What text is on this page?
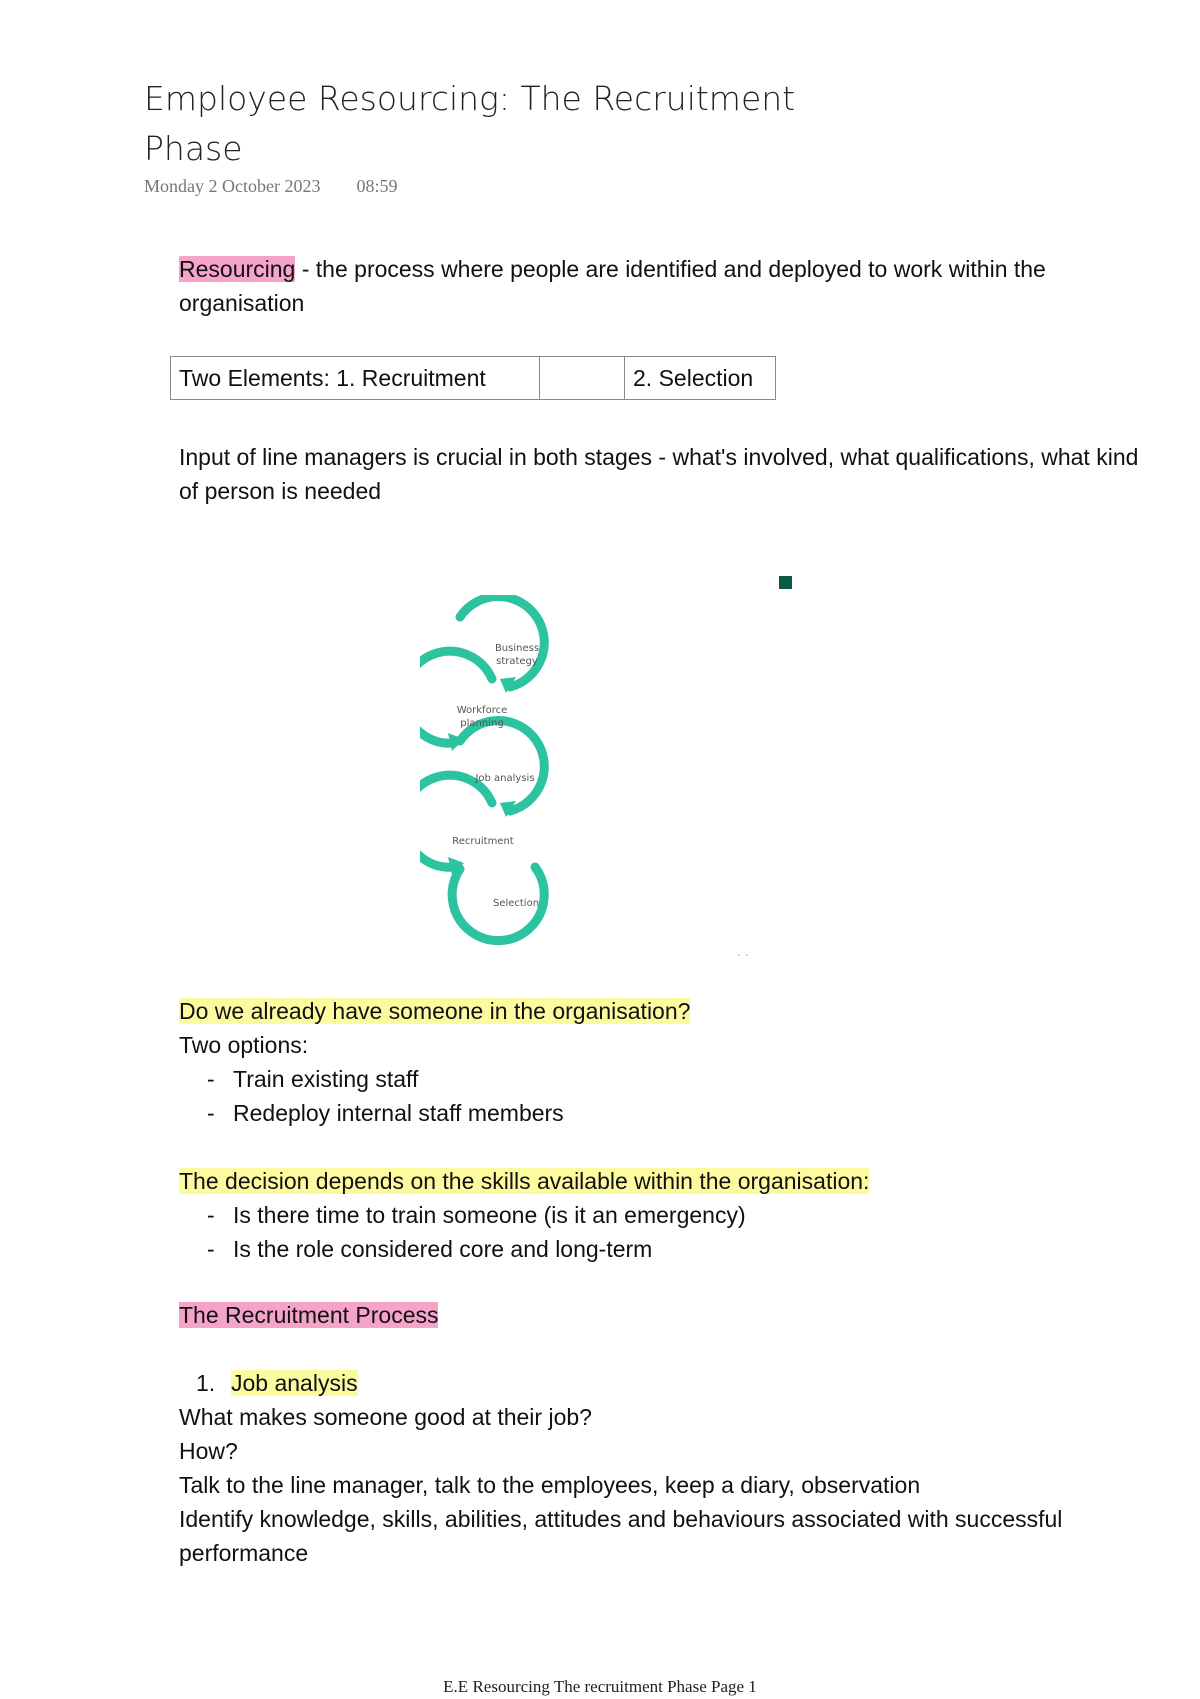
Employee Resourcing: The Recruitment Phase
Monday 2 October 2023 08:59
Resourcing - the process where people are identified and deployed to work within the organisation
Two Elements: 1. Recruitment		2. Selection
Input of line managers is crucial in both stages - what's involved, what qualifications, what kind of person is needed
Business strategy
Workforce planning
Job analysis
Recruitment
Selection
- -
Do we already have someone in the organisation?
Two options:
- Train existing staff
- Redeploy internal staff members
The decision depends on the skills available within the organisation:
- Is there time to train someone (is it an emergency)
- Is the role considered core and long-term
The Recruitment Process
1. Job analysis
What makes someone good at their job?
How?
Talk to the line manager, talk to the employees, keep a diary, observation
Identify knowledge, skills, abilities, attitudes and behaviours associated with successful performance
E.E Resourcing The recruitment Phase Page 1
